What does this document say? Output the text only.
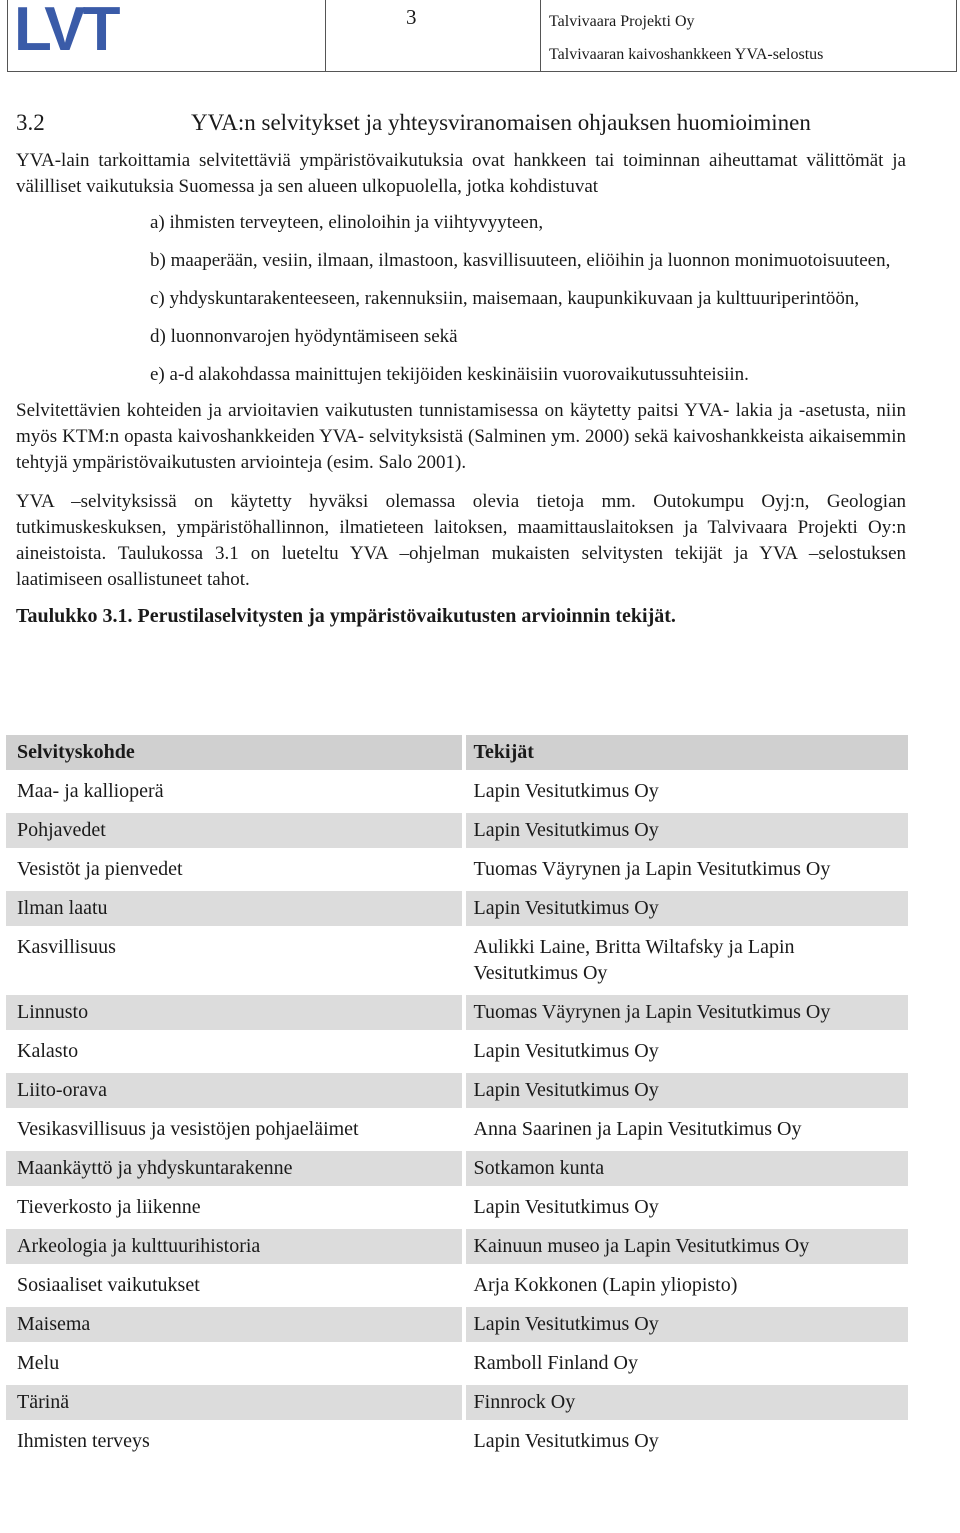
LVT	3	Talvivaara Projekti Oy
Talvivaaran kaivoshankkeen YVA-selostus
3.2	YVA:n selvitykset ja yhteysviranomaisen ohjauksen huomioiminen

YVA-lain tarkoittamia selvitettäviä ympäristövaikutuksia ovat hankkeen tai toiminnan aiheuttamat välittömät ja välilliset vaikutuksia Suomessa ja sen alueen ulkopuolella, jotka kohdistuvat

a) ihmisten terveyteen, elinoloihin ja viihtyvyyteen,
b) maaperään, vesiin, ilmaan, ilmastoon, kasvillisuuteen, eliöihin ja luonnon monimuotoisuuteen,
c) yhdyskuntarakenteeseen, rakennuksiin, maisemaan, kaupunkikuvaan ja kulttuuriperintöön,
d) luonnonvarojen hyödyntämiseen sekä
e) a-d alakohdassa mainittujen tekijöiden keskinäisiin vuorovaikutussuhteisiin.

Selvitettävien kohteiden ja arvioitavien vaikutusten tunnistamisessa on käytetty paitsi YVA- lakia ja -asetusta, niin myös KTM:n opasta kaivoshankkeiden YVA- selvityksistä (Salminen ym. 2000) sekä kaivoshankkeista aikaisemmin tehtyjä ympäristövaikutusten arviointeja (esim. Salo 2001).

YVA –selvityksissä on käytetty hyväksi olemassa olevia tietoja mm. Outokumpu Oyj:n, Geologian tutkimuskeskuksen, ympäristöhallinnon, ilmatieteen laitoksen, maamittauslaitoksen ja Talvivaara Projekti Oy:n aineistoista. Taulukossa 3.1 on lueteltu YVA –ohjelman mukaisten selvitysten tekijät ja YVA –selostuksen laatimiseen osallistuneet tahot.

Taulukko 3.1. Perustilaselvitysten ja ympäristövaikutusten arvioinnin tekijät.
Selvityskohde	Tekijät
Maa- ja kallioperä	Lapin Vesitutkimus Oy
Pohjavedet	Lapin Vesitutkimus Oy
Vesistöt ja pienvedet	Tuomas Väyrynen ja Lapin Vesitutkimus Oy
Ilman laatu	Lapin Vesitutkimus Oy
Kasvillisuus	Aulikki Laine, Britta Wiltafsky ja Lapin Vesitutkimus Oy
Linnusto	Tuomas Väyrynen ja Lapin Vesitutkimus Oy
Kalasto	Lapin Vesitutkimus Oy
Liito-orava	Lapin Vesitutkimus Oy
Vesikasvillisuus ja vesistöjen pohjaeläimet	Anna Saarinen ja Lapin Vesitutkimus Oy
Maankäyttö ja yhdyskuntarakenne	Sotkamon kunta
Tieverkosto ja liikenne	Lapin Vesitutkimus Oy
Arkeologia ja kulttuurihistoria	Kainuun museo ja Lapin Vesitutkimus Oy
Sosiaaliset vaikutukset	Arja Kokkonen (Lapin yliopisto)
Maisema	Lapin Vesitutkimus Oy
Melu	Ramboll Finland Oy
Tärinä	Finnrock Oy
Ihmisten terveys	Lapin Vesitutkimus Oy
